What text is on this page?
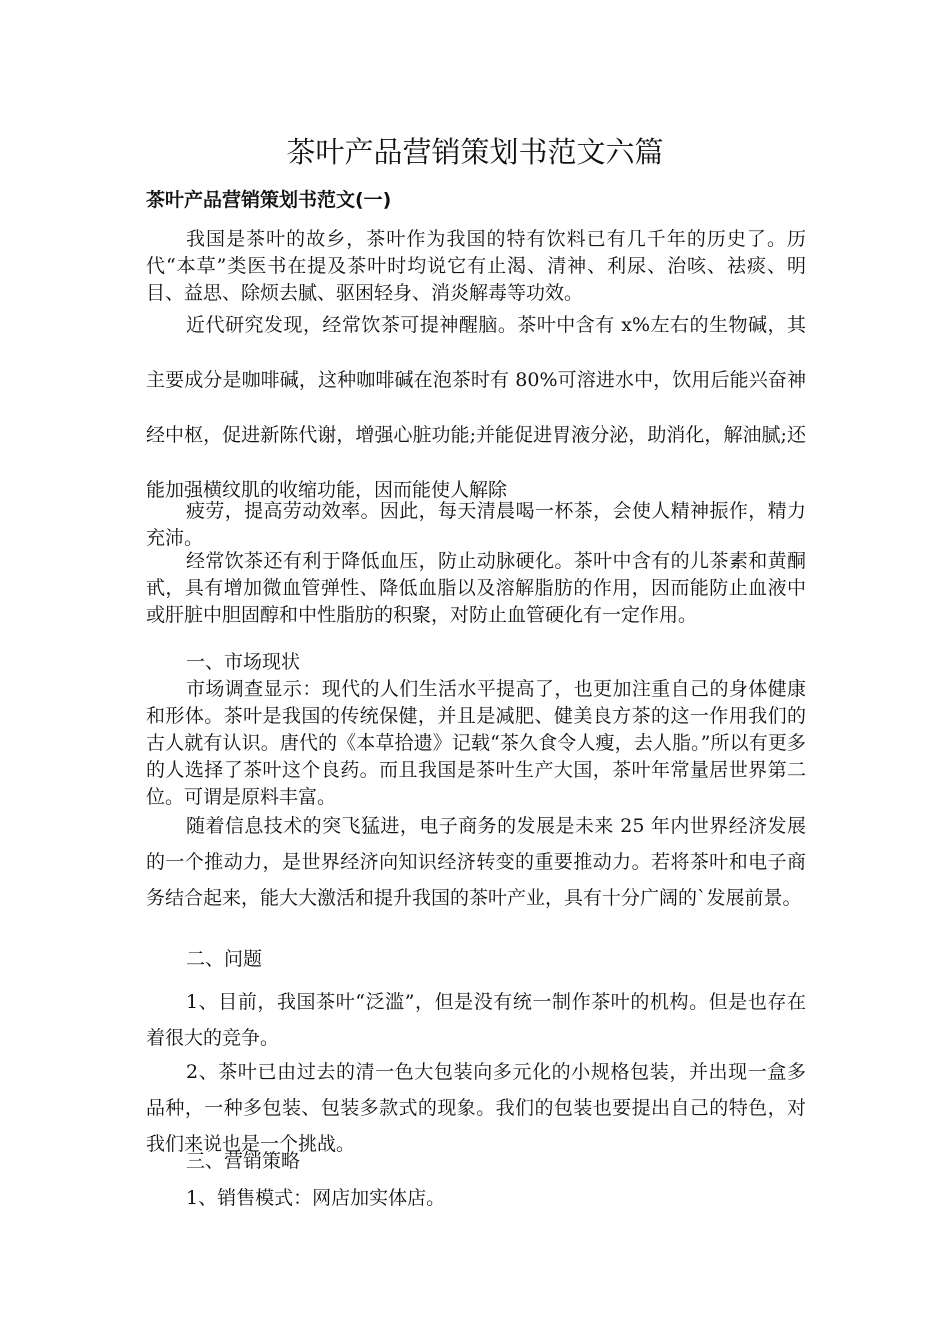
茶叶产品营销策划书范文六篇
茶叶产品营销策划书范文(一)

我国是茶叶的故乡，茶叶作为我国的特有饮料已有几千年的历史了。历代“本草”类医书在提及茶叶时均说它有止渴、清神、利尿、治咳、祛痰、明目、益思、除烦去腻、驱困轻身、消炎解毒等功效。

近代研究发现，经常饮茶可提神醒脑。茶叶中含有 x%左右的生物碱，其主要成分是咖啡碱，这种咖啡碱在泡茶时有 80%可溶进水中，饮用后能兴奋神经中枢，促进新陈代谢，增强心脏功能;并能促进胃液分泌，助消化，解油腻;还能加强横纹肌的收缩功能，因而能使人解除

疲劳，提高劳动效率。因此，每天清晨喝一杯茶，会使人精神振作，精力充沛。

经常饮茶还有利于降低血压，防止动脉硬化。茶叶中含有的儿茶素和黄酮甙，具有增加微血管弹性、降低血脂以及溶解脂肪的作用，因而能防止血液中或肝脏中胆固醇和中性脂肪的积聚，对防止血管硬化有一定作用。

一、市场现状

市场调查显示：现代的人们生活水平提高了，也更加注重自己的身体健康和形体。茶叶是我国的传统保健，并且是减肥、健美良方茶的这一作用我们的古人就有认识。唐代的《本草拾遗》记载“茶久食令人瘦，去人脂。”所以有更多的人选择了茶叶这个良药。而且我国是茶叶生产大国，茶叶年常量居世界第二位。可谓是原料丰富。

随着信息技术的突飞猛进，电子商务的发展是未来 25 年内世界经济发展的一个推动力，是世界经济向知识经济转变的重要推动力。若将茶叶和电子商务结合起来，能大大激活和提升我国的茶叶产业，具有十分广阔的`发展前景。

二、问题

1、目前，我国茶叶“泛滥”，但是没有统一制作茶叶的机构。但是也存在着很大的竞争。

2、茶叶已由过去的清一色大包装向多元化的小规格包装，并出现一盒多品种，一种多包装、包装多款式的现象。我们的包装也要提出自己的特色，对我们来说也是一个挑战。

三、营销策略

1、销售模式：网店加实体店。
